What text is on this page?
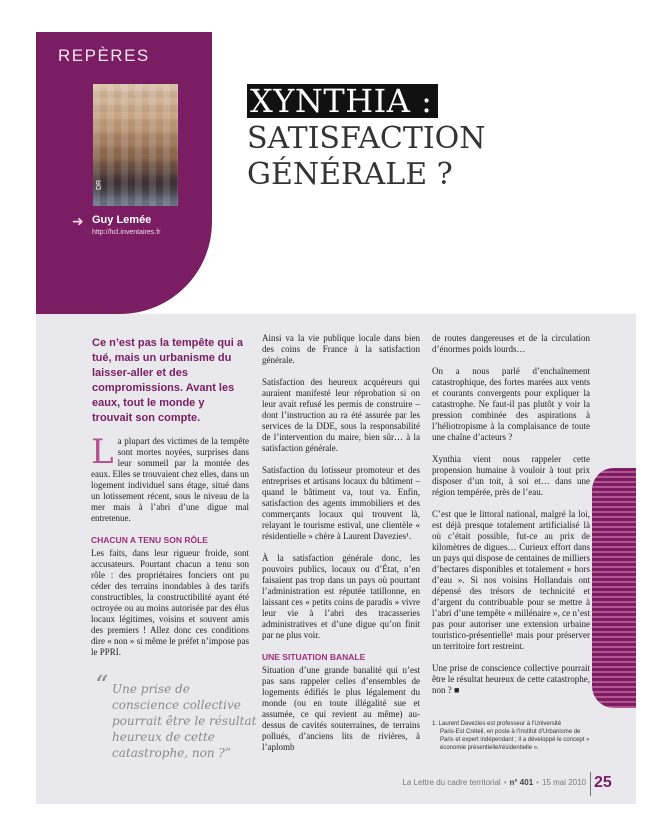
REPÈRES
DR
➜ Guy Lemée
http://hcl.inventaires.fr
XYNTHIA :
SATISFACTION
GÉNÉRALE ?
Ce n’est pas la tempête qui a tué, mais un urbanisme du laisser-aller et des compromissions. Avant les eaux, tout le monde y trouvait son compte.

La plupart des victimes de la tempête sont mortes noyées, surprises dans leur sommeil par la montée des eaux. Elles se trouvaient chez elles, dans un logement individuel sans étage, situé dans un lotissement récent, sous le niveau de la mer mais à l’abri d’une digue mal entretenue.

CHACUN A TENU SON RÔLE

Les faits, dans leur rigueur froide, sont accusateurs. Pourtant chacun a tenu son rôle : des propriétaires fonciers ont pu céder des terrains inondables à des tarifs constructibles, la constructibilité ayant été octroyée ou au moins autorisée par des élus locaux légitimes, voisins et souvent amis des premiers ! Allez donc ces conditions dire « non » si même le préfet n’impose pas le PPRI.

“ Une prise de conscience collective pourrait être le résultat heureux de cette catastrophe, non ?”

Ainsi va la vie publique locale dans bien des coins de France à la satisfaction générale.

Satisfaction des heureux acquéreurs qui auraient manifesté leur réprobation si on leur avait refusé les permis de construire – dont l’instruction au ra été assurée par les services de la DDE, sous la responsabilité de l’intervention du maire, bien sûr… à la satisfaction générale.

Satisfaction du lotisseur promoteur et des entreprises et artisans locaux du bâtiment – quand le bâtiment va, tout va. Enfin, satisfaction des agents immobiliers et des commerçants locaux qui trouvent là, relayant le tourisme estival, une clientèle « résidentielle » chère à Laurent Davezies¹.

À la satisfaction générale donc, les pouvoirs publics, locaux ou d’État, n’en faisaient pas trop dans un pays où pourtant l’administration est réputée tatillonne, en laissant ces « petits coins de paradis » vivre leur vie à l’abri des tracasseries administratives et d’une digue qu’on finit par ne plus voir.

UNE SITUATION BANALE

Situation d’une grande banalité qui n’est pas sans rappeler celles d’ensembles de logements édifiés le plus légalement du monde (ou en toute illégalité sue et assumée, ce qui revient au même) au-dessus de cavités souterraines, de terrains pollués, d’anciens lits de rivières, à l’aplomb

de routes dangereuses et de la circulation d’énormes poids lourds…

On a nous parlé d’enchaînement catastrophique, des fortes marées aux vents et courants convergents pour expliquer la catastrophe. Ne faut-il pas plutôt y voir la pression combinée des aspirations à l’héliotropisme à la complaisance de toute une chaîne d’acteurs ?

Xynthia vient nous rappeler cette propension humaine à vouloir à tout prix disposer d’un toit, à soi et… dans une région tempérée, près de l’eau.

C’est que le littoral national, malgré la loi, est déjà presque totalement artificialisé là où c’était possible, fut-ce au prix de kilomètres de digues… Curieux effort dans un pays qui dispose de centaines de milliers d’hectares disponibles et totalement « hors d’eau ». Si nos voisins Hollandais ont dépensé des trésors de technicité et d’argent du contribuable pour se mettre à l’abri d’une tempête « millénaire », ce n’est pas pour autoriser une extension urbaine touristico-présentielle¹ mais pour préserver un territoire fort restreint.

Une prise de conscience collective pourrait être le résultat heureux de cette catastrophe, non ? ■

1. Laurent Davezies est professeur à l’Université
Paris-Est Créteil, en poste à l’Institut d’Urbanisme de Paris et expert indépendant ; il a développé le concept « économie présentielle/résidentielle ».
La Lettre du cadre territorial • n° 401 • 15 mai 2010 25
